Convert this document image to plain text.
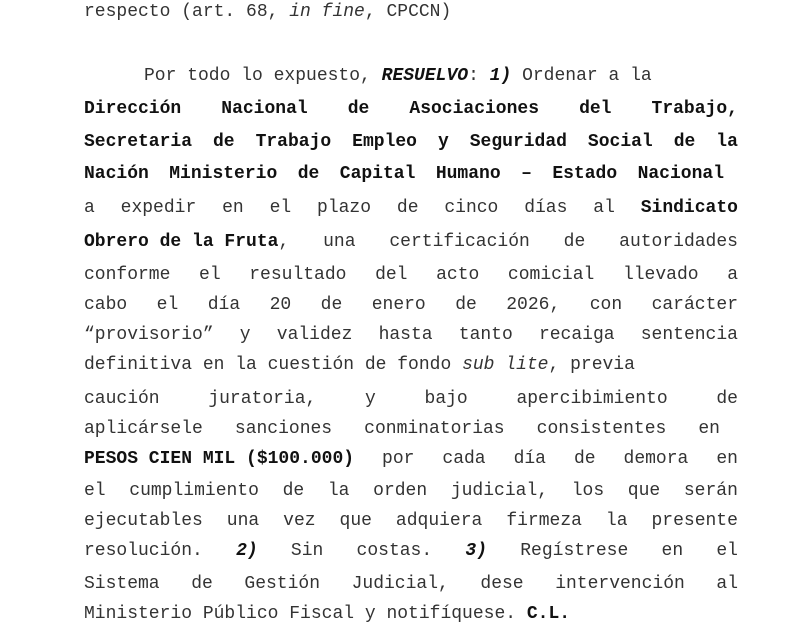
respecto (art. 68, in fine, CPCCN)
Por todo lo expuesto, RESUELVO: 1) Ordenar a la
Dirección Nacional de Asociaciones del Trabajo,
Secretaria de Trabajo Empleo y Seguridad Social de la
Nación Ministerio de Capital Humano – Estado Nacional
a expedir en el plazo de cinco días al Sindicato
Obrero de la Fruta, una certificación de autoridades
conforme el resultado del acto comicial llevado a
cabo el día 20 de enero de 2026, con carácter
“provisorio” y validez hasta tanto recaiga sentencia
definitiva en la cuestión de fondo sub lite, previa
caución	juratoria,	y	bajo	apercibimiento	de
aplicársele sanciones conminatorias consistentes en
PESOS CIEN MIL ($100.000) por cada día de demora en
el cumplimiento de la orden judicial, los que serán
ejecutables una vez que adquiera firmeza la presente
resolución. 2) Sin costas. 3) Regístrese en el
Sistema de Gestión Judicial, dese intervención al
Ministerio Público Fiscal y notifíquese. C.L.
